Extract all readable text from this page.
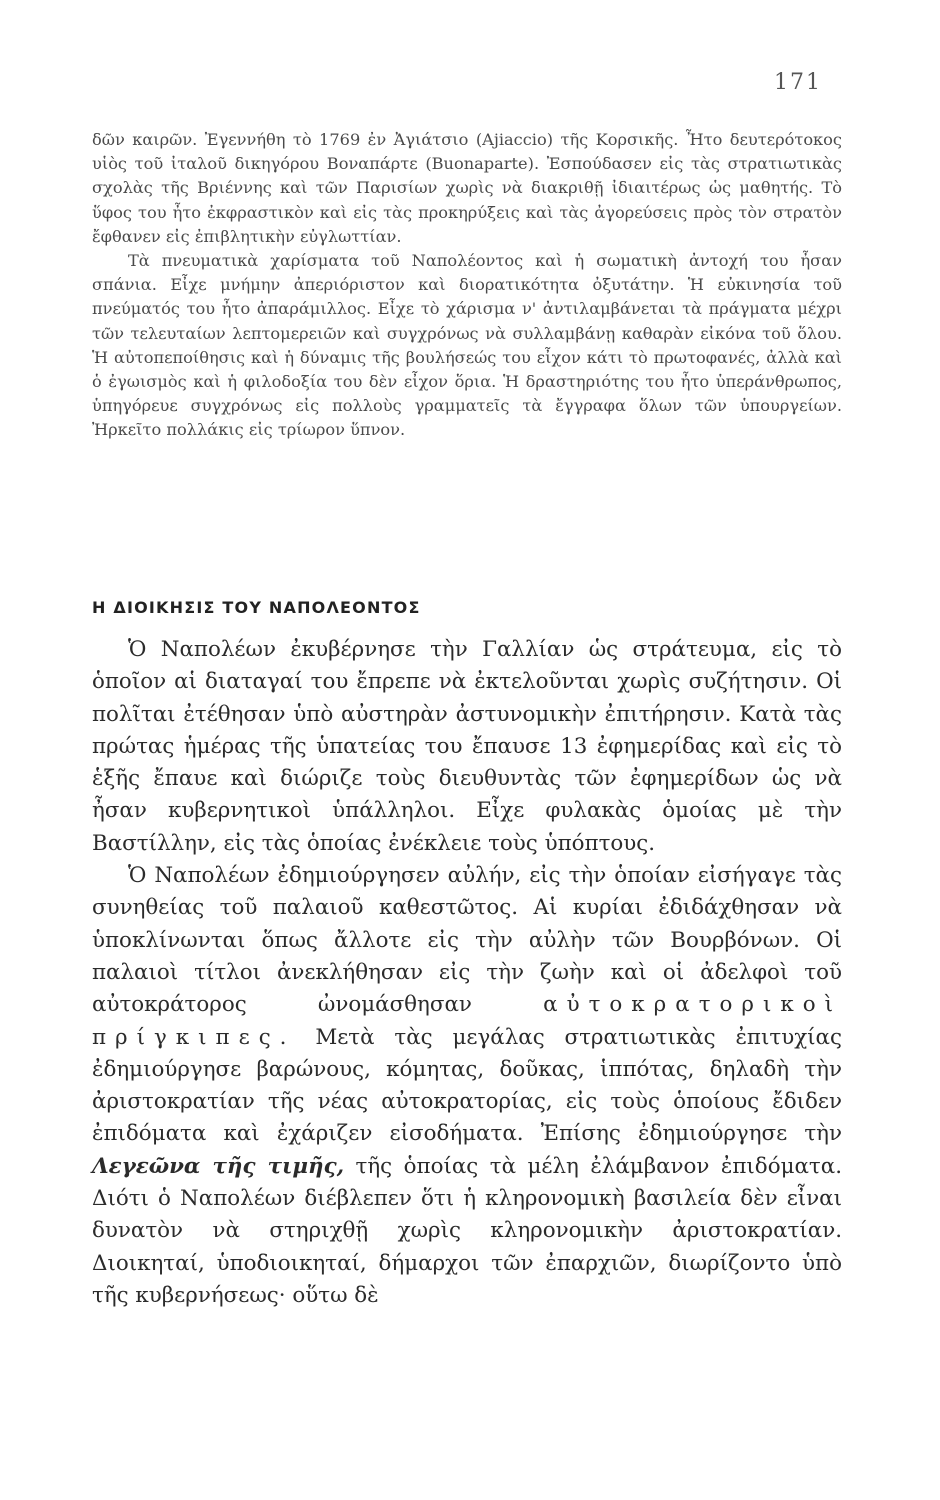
171

δῶν καιρῶν. Ἐγεννήθη τὸ 1769 ἐν Ἀγιάτσιο (Ajiaccio) τῆς Κορσικῆς. Ἦτο δευτερότοκος υἱὸς τοῦ ἰταλοῦ δικηγόρου Βοναπάρτε (Buonaparte). Ἐσπούδασεν εἰς τὰς στρατιωτικὰς σχολὰς τῆς Βριέννης καὶ τῶν Παρισίων χωρὶς νὰ διακριθῇ ἰδιαιτέρως ὡς μαθητής. Τὸ ὕφος του ἦτο ἐκφραστικὸν καὶ εἰς τὰς προκηρύξεις καὶ τὰς ἀγορεύσεις πρὸς τὸν στρατὸν ἔφθανεν εἰς ἐπιβλητικὴν εὐγλωττίαν.

Τὰ πνευματικὰ χαρίσματα τοῦ Ναπολέοντος καὶ ἡ σωματικὴ ἀντοχή του ἦσαν σπάνια. Εἶχε μνήμην ἀπεριόριστον καὶ διορατικότητα ὀξυτάτην. Ἡ εὐκινησία τοῦ πνεύματός του ἦτο ἀπαράμιλλος. Εἶχε τὸ χάρισμα ν' ἀντιλαμβάνεται τὰ πράγματα μέχρι τῶν τελευταίων λεπτομερειῶν καὶ συγχρόνως νὰ συλλαμβάνῃ καθαρὰν εἰκόνα τοῦ ὅλου. Ἡ αὐτοπεποίθησις καὶ ἡ δύναμις τῆς βουλήσεώς του εἶχον κάτι τὸ πρωτοφανές, ἀλλὰ καὶ ὁ ἐγωισμὸς καὶ ἡ φιλοδοξία του δὲν εἶχον ὅρια. Ἡ δραστηριότης του ἦτο ὑπεράνθρωπος, ὑπηγόρευε συγχρόνως εἰς πολλοὺς γραμματεῖς τὰ ἔγγραφα ὅλων τῶν ὑπουργείων. Ἠρκεῖτο πολλάκις εἰς τρίωρον ὕπνον.

Η ΔΙΟΙΚΗΣΙΣ ΤΟΥ ΝΑΠΟΛΕΟΝΤΟΣ

Ὁ Ναπολέων ἐκυβέρνησε τὴν Γαλλίαν ὡς στράτευμα, εἰς τὸ ὁποῖον αἱ διαταγαί του ἔπρεπε νὰ ἐκτελοῦνται χωρὶς συζήτησιν. Οἱ πολῖται ἐτέθησαν ὑπὸ αὐστηρὰν ἀστυνομικὴν ἐπιτήρησιν. Κατὰ τὰς πρώτας ἡμέρας τῆς ὑπατείας του ἔπαυσε 13 ἐφημερίδας καὶ εἰς τὸ ἑξῆς ἔπαυε καὶ διώριζε τοὺς διευθυντὰς τῶν ἐφημερίδων ὡς νὰ ἦσαν κυβερνητικοὶ ὑπάλληλοι. Εἶχε φυλακὰς ὁμοίας μὲ τὴν Βαστίλλην, εἰς τὰς ὁποίας ἐνέκλειε τοὺς ὑπόπτους.

Ὁ Ναπολέων ἐδημιούργησεν αὐλήν, εἰς τὴν ὁποίαν εἰσήγαγε τὰς συνηθείας τοῦ παλαιοῦ καθεστῶτος. Αἱ κυρίαι ἐδιδάχθησαν νὰ ὑποκλίνωνται ὅπως ἄλλοτε εἰς τὴν αὐλὴν τῶν Βουρβόνων. Οἱ παλαιοὶ τίτλοι ἀνεκλήθησαν εἰς τὴν ζωὴν καὶ οἱ ἀδελφοὶ τοῦ αὐτοκράτορος ὠνομάσθησαν	αὐτοκρατορικοὶ πρίγκιπες. Μετὰ τὰς μεγάλας στρατιωτικὰς ἐπιτυχίας ἐδημιούργησε βαρώνους, κόμητας, δοῦκας, ἱππότας, δηλαδὴ τὴν ἀριστοκρατίαν τῆς νέας αὐτοκρατορίας, εἰς τοὺς ὁποίους ἔδιδεν ἐπιδόματα καὶ ἐχάριζεν εἰσοδήματα. Ἐπίσης ἐδημιούργησε τὴν Λεγεῶνα τῆς τιμῆς, τῆς ὁποίας τὰ μέλη ἐλάμβανον ἐπιδόματα. Διότι ὁ Ναπολέων διέβλεπεν ὅτι ἡ κληρονομικὴ βασιλεία δὲν εἶναι δυνατὸν νὰ στηριχθῇ χωρὶς κληρονομικὴν ἀριστοκρατίαν. Διοικηταί, ὑποδιοικηταί, δήμαρχοι τῶν ἐπαρχιῶν, διωρίζοντο ὑπὸ τῆς κυβερνήσεως· οὕτω δὲ
